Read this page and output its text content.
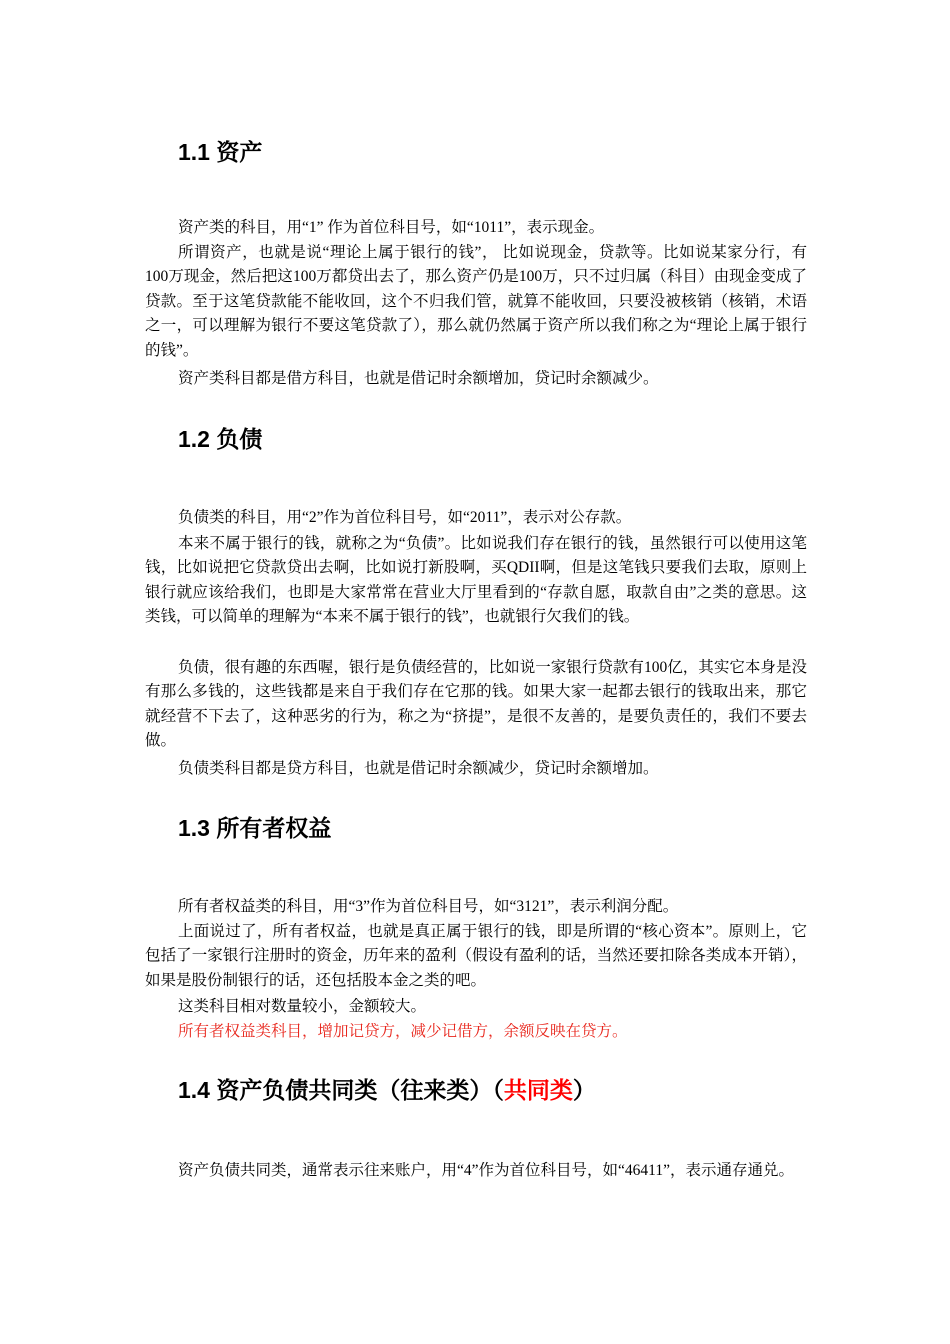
1.1 资产

资产类的科目，用“1” 作为首位科目号，如“1011”，表示现金。

所谓资产，也就是说“理论上属于银行的钱”， 比如说现金，贷款等。比如说某家分行，有100万现金，然后把这100万都贷出去了，那么资产仍是100万，只不过归属（科目）由现金变成了贷款。至于这笔贷款能不能收回，这个不归我们管，就算不能收回，只要没被核销（核销，术语之一，可以理解为银行不要这笔贷款了），那么就仍然属于资产所以我们称之为“理论上属于银行的钱”。

资产类科目都是借方科目，也就是借记时余额增加，贷记时余额减少。

1.2 负债

负债类的科目，用“2”作为首位科目号，如“2011”，表示对公存款。

本来不属于银行的钱，就称之为“负债”。比如说我们存在银行的钱，虽然银行可以使用这笔钱，比如说把它贷款贷出去啊，比如说打新股啊，买QDII啊，但是这笔钱只要我们去取，原则上银行就应该给我们，也即是大家常常在营业大厅里看到的“存款自愿，取款自由”之类的意思。这类钱，可以简单的理解为“本来不属于银行的钱”，也就银行欠我们的钱。

负债，很有趣的东西喔，银行是负债经营的，比如说一家银行贷款有100亿，其实它本身是没有那么多钱的，这些钱都是来自于我们存在它那的钱。如果大家一起都去银行的钱取出来，那它就经营不下去了，这种恶劣的行为，称之为“挤提”，是很不友善的，是要负责任的，我们不要去做。

负债类科目都是贷方科目，也就是借记时余额减少，贷记时余额增加。

1.3 所有者权益

所有者权益类的科目，用“3”作为首位科目号，如“3121”，表示利润分配。

上面说过了，所有者权益，也就是真正属于银行的钱，即是所谓的“核心资本”。原则上，它包括了一家银行注册时的资金，历年来的盈利（假设有盈利的话，当然还要扣除各类成本开销），如果是股份制银行的话，还包括股本金之类的吧。

这类科目相对数量较小，金额较大。

所有者权益类科目，增加记贷方，减少记借方，余额反映在贷方。

1.4 资产负债共同类（往来类）（共同类）

资产负债共同类，通常表示往来账户，用“4”作为首位科目号，如“46411”，表示通存通兑。
